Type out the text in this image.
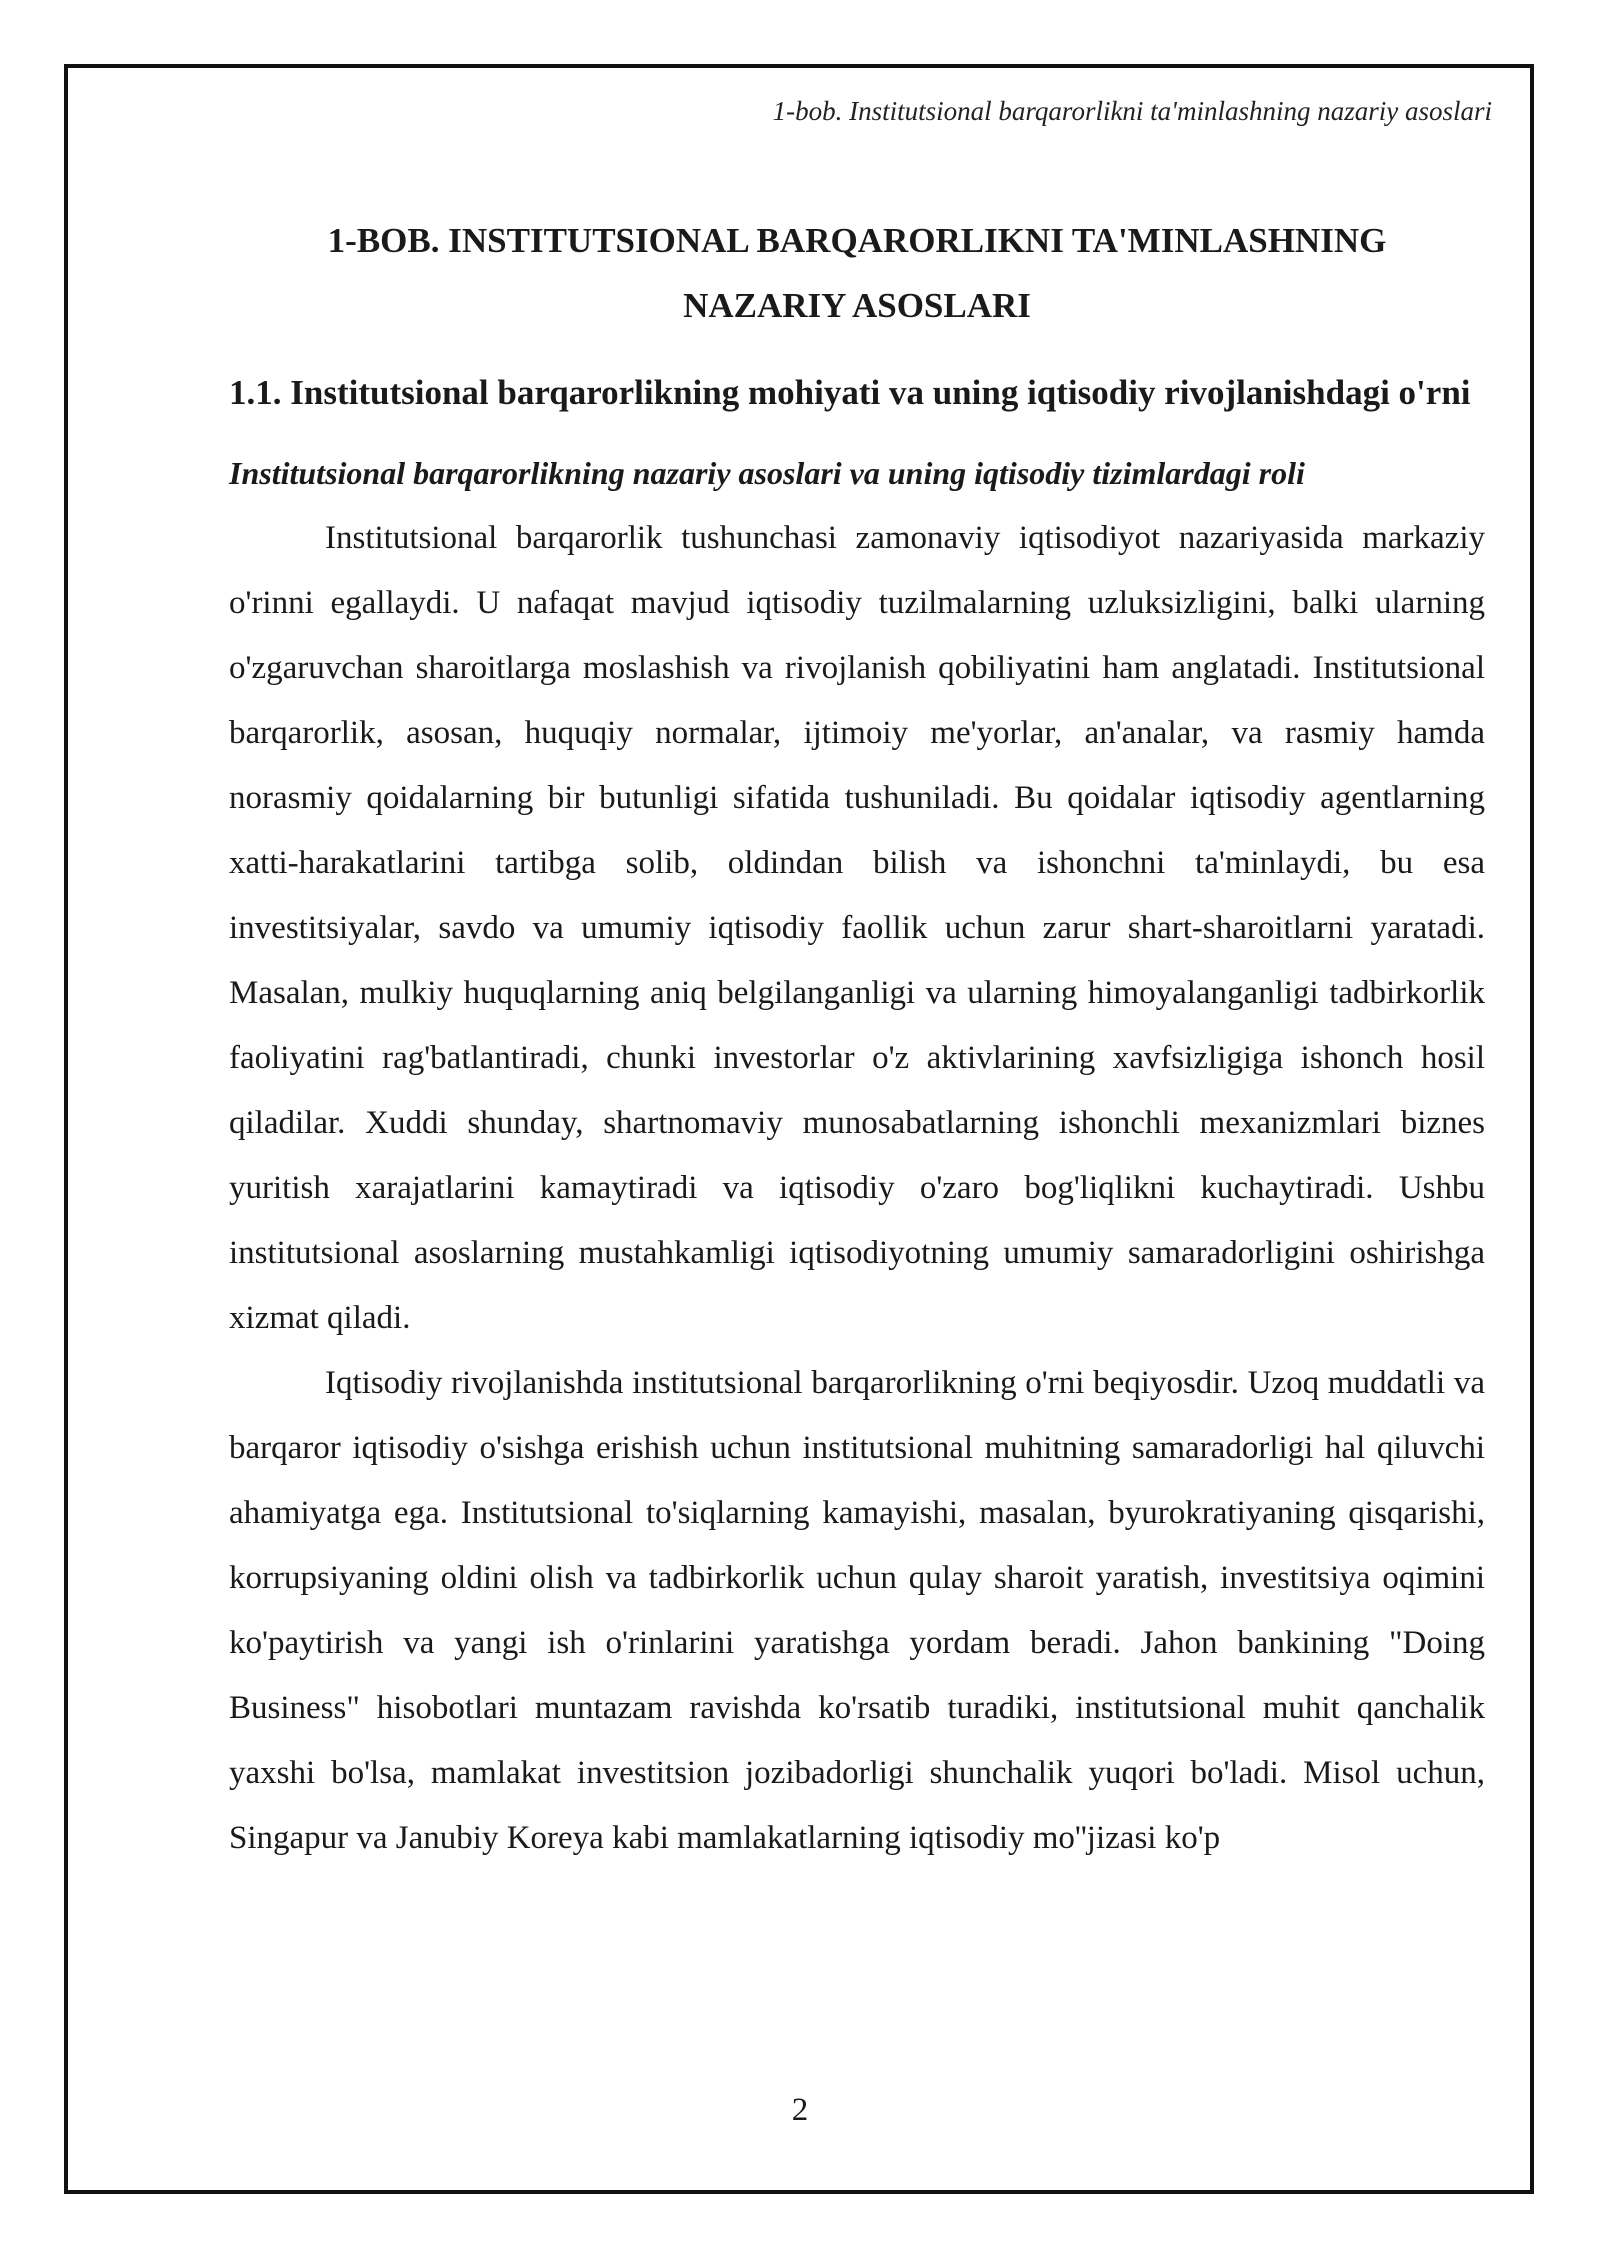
1-bob. Institutsional barqarorlikni ta'minlashning nazariy asoslari
1-BOB. INSTITUTSIONAL BARQARORLIKNI TA'MINLASHNING NAZARIY ASOSLARI
1.1. Institutsional barqarorlikning mohiyati va uning iqtisodiy rivojlanishdagi o'rni
Institutsional barqarorlikning nazariy asoslari va uning iqtisodiy tizimlardagi roli

Institutsional barqarorlik tushunchasi zamonaviy iqtisodiyot nazariyasida markaziy o'rinni egallaydi. U nafaqat mavjud iqtisodiy tuzilmalarning uzluksizligini, balki ularning o'zgaruvchan sharoitlarga moslashish va rivojlanish qobiliyatini ham anglatadi. Institutsional barqarorlik, asosan, huquqiy normalar, ijtimoiy me'yorlar, an'analar, va rasmiy hamda norasmiy qoidalarning bir butunligi sifatida tushuniladi. Bu qoidalar iqtisodiy agentlarning xatti-harakatlarini tartibga solib, oldindan bilish va ishonchni ta'minlaydi, bu esa investitsiyalar, savdo va umumiy iqtisodiy faollik uchun zarur shart-sharoitlarni yaratadi. Masalan, mulkiy huquqlarning aniq belgilanganligi va ularning himoyalanganligi tadbirkorlik faoliyatini rag'batlantiradi, chunki investorlar o'z aktivlarining xavfsizligiga ishonch hosil qiladilar. Xuddi shunday, shartnomaviy munosabatlarning ishonchli mexanizmlari biznes yuritish xarajatlarini kamaytiradi va iqtisodiy o'zaro bog'liqlikni kuchaytiradi. Ushbu institutsional asoslarning mustahkamligi iqtisodiyotning umumiy samaradorligini oshirishga xizmat qiladi.

Iqtisodiy rivojlanishda institutsional barqarorlikning o'rni beqiyosdir. Uzoq muddatli va barqaror iqtisodiy o'sishga erishish uchun institutsional muhitning samaradorligi hal qiluvchi ahamiyatga ega. Institutsional to'siqlarning kamayishi, masalan, byurokratiyaning qisqarishi, korrupsiyaning oldini olish va tadbirkorlik uchun qulay sharoit yaratish, investitsiya oqimini ko'paytirish va yangi ish o'rinlarini yaratishga yordam beradi. Jahon bankining "Doing Business" hisobotlari muntazam ravishda ko'rsatib turadiki, institutsional muhit qanchalik yaxshi bo'lsa, mamlakat investitsion jozibadorligi shunchalik yuqori bo'ladi. Misol uchun, Singapur va Janubiy Koreya kabi mamlakatlarning iqtisodiy mo''jizasi ko'p

2
